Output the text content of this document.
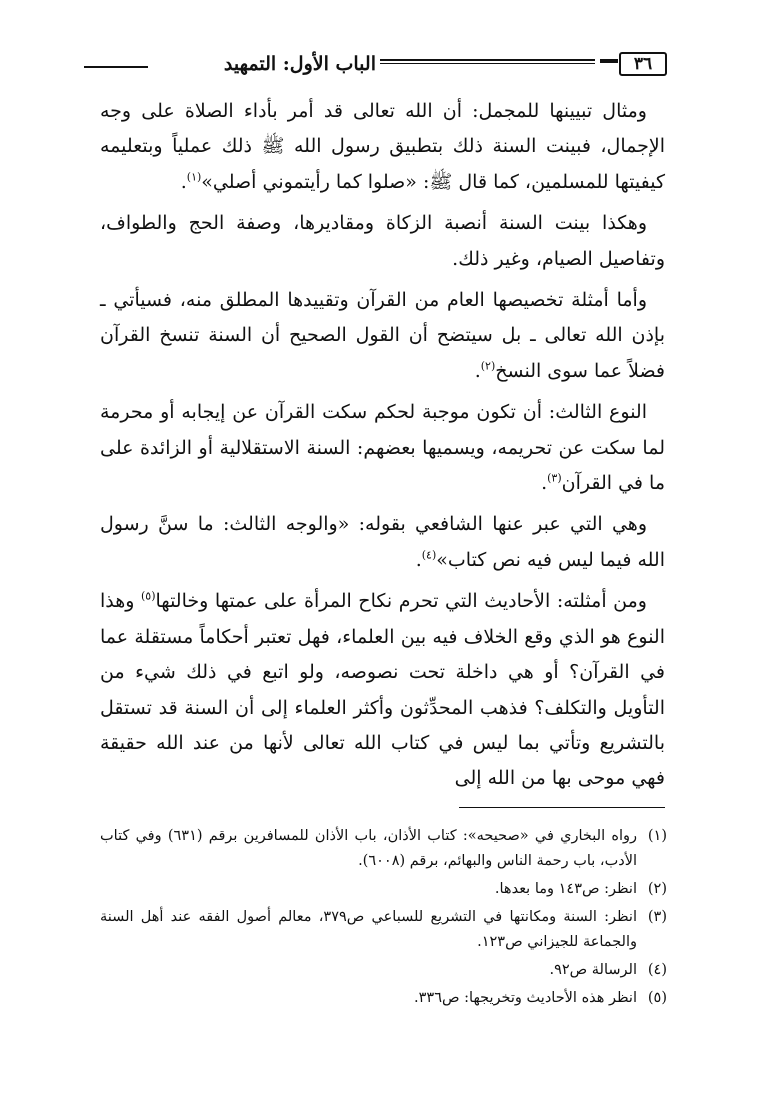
٣٦
الباب الأول: التمهيد

ومثال تبيينها للمجمل: أن الله تعالى قد أمر بأداء الصلاة على وجه الإجمال، فبينت السنة ذلك بتطبيق رسول الله ﷺ ذلك عملياً وبتعليمه كيفيتها للمسلمين، كما قال ﷺ: «صلوا كما رأيتموني أصلي»$^{(١)}$.

وهكذا بينت السنة أنصبة الزكاة ومقاديرها، وصفة الحج والطواف، وتفاصيل الصيام، وغير ذلك.

وأما أمثلة تخصيصها العام من القرآن وتقييدها المطلق منه، فسيأتي ـ بإذن الله تعالى ـ بل سيتضح أن القول الصحيح أن السنة تنسخ القرآن فضلاً عما سوى النسخ$^{(٢)}$.

النوع الثالث: أن تكون موجبة لحكم سكت القرآن عن إيجابه أو محرمة لما سكت عن تحريمه، ويسميها بعضهم: السنة الاستقلالية أو الزائدة على ما في القرآن$^{(٣)}$.

وهي التي عبر عنها الشافعي بقوله: «والوجه الثالث: ما سنَّ رسول الله فيما ليس فيه نص كتاب»$^{(٤)}$.

ومن أمثلته: الأحاديث التي تحرم نكاح المرأة على عمتها وخالتها$^{(٥)}$ وهذا النوع هو الذي وقع الخلاف فيه بين العلماء، فهل تعتبر أحكاماً مستقلة عما في القرآن؟ أو هي داخلة تحت نصوصه، ولو اتبع في ذلك شيء من التأويل والتكلف؟ فذهب المحدِّثون وأكثر العلماء إلى أن السنة قد تستقل بالتشريع وتأتي بما ليس في كتاب الله تعالى لأنها من عند الله حقيقة فهي موحى بها من الله إلى

(١)رواه البخاري في «صحيحه»: كتاب الأذان، باب الأذان للمسافرين برقم (٦٣١) وفي كتاب الأدب، باب رحمة الناس والبهائم، برقم (٦٠٠٨).
(٢)انظر: ص١٤٣ وما بعدها.
(٣)انظر: السنة ومكانتها في التشريع للسباعي ص٣٧٩، معالم أصول الفقه عند أهل السنة والجماعة للجيزاني ص١٢٣.
(٤)الرسالة ص٩٢.
(٥)انظر هذه الأحاديث وتخريجها: ص٣٣٦.
